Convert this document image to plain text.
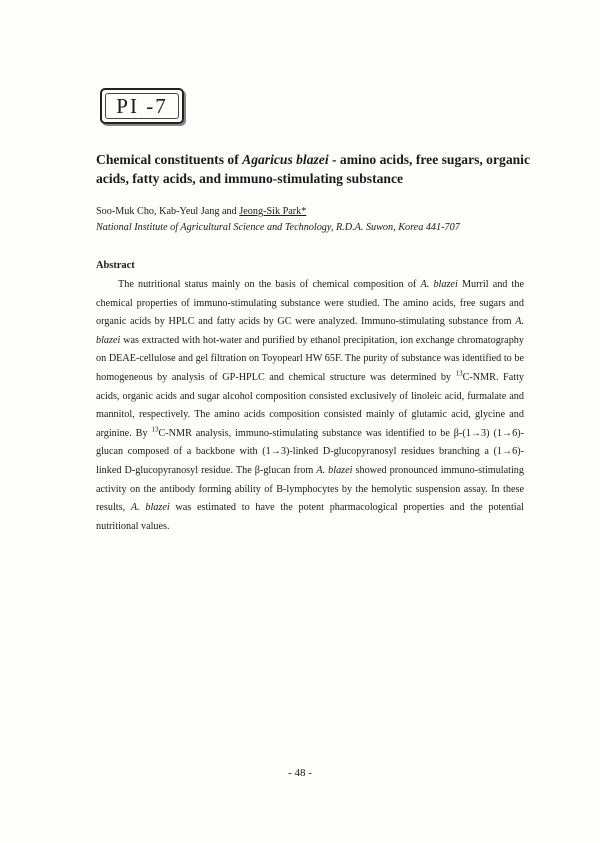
PI -7
Chemical constituents of Agaricus blazei - amino acids, free sugars, organic acids, fatty acids, and immuno-stimulating substance
Soo-Muk Cho, Kab-Yeul Jang and Jeong-Sik Park*
National Institute of Agricultural Science and Technology, R.D.A. Suwon, Korea 441-707
Abstract

The nutritional status mainly on the basis of chemical composition of A. blazei Murril and the chemical properties of immuno-stimulating substance were studied. The amino acids, free sugars and organic acids by HPLC and fatty acids by GC were analyzed. Immuno-stimulating substance from A. blazei was extracted with hot-water and purified by ethanol precipitation, ion exchange chromatography on DEAE-cellulose and gel filtration on Toyopearl HW 65F. The purity of substance was identified to be homogeneous by analysis of GP-HPLC and chemical structure was determined by $^{13}$C-NMR. Fatty acids, organic acids and sugar alcohol composition consisted exclusively of linoleic acid, furmalate and mannitol, respectively. The amino acids composition consisted mainly of glutamic acid, glycine and arginine. By $^{13}$C-NMR analysis, immuno-stimulating substance was identified to be β-(1→3) (1→6)-glucan composed of a backbone with (1→3)-linked D-glucopyranosyl residues branching a (1→6)-linked D-glucopyranosyl residue. The β-glucan from A. blazei showed pronounced immuno-stimulating activity on the antibody forming ability of B-lymphocytes by the hemolytic suspension assay. In these results, A. blazei was estimated to have the potent pharmacological properties and the potential nutritional values.

- 48 -
